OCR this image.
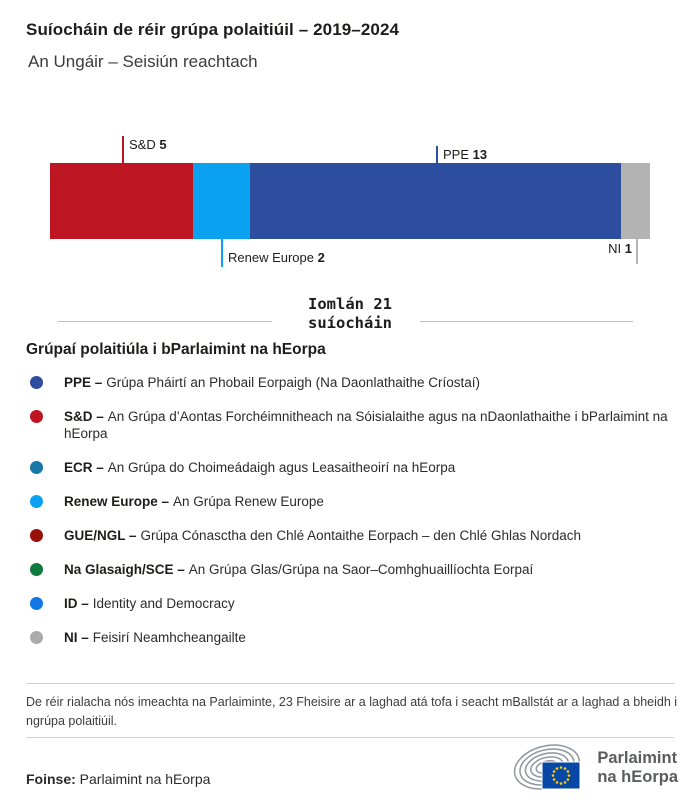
Suíocháin de réir grúpa polaitiúil – 2019–2024
An Ungáir – Seisiún reachtach
S&D 5
PPE 13
Renew Europe 2
NI 1
Iomlán 21
suíocháin
Grúpaí polaitiúla i bParlaimint na hEorpa
PPE – Grúpa Pháirtí an Phobail Eorpaigh (Na Daonlathaithe Críostaí)
S&D – An Grúpa d’Aontas Forchéimnitheach na Sóisialaithe agus na nDaonlathaithe i bParlaimint na hEorpa
ECR – An Grúpa do Choimeádaigh agus Leasaitheoirí na hEorpa
Renew Europe – An Grúpa Renew Europe
GUE/NGL – Grúpa Cónasctha den Chlé Aontaithe Eorpach – den Chlé Ghlas Nordach
Na Glasaigh/SCE – An Grúpa Glas/Grúpa na Saor–Comhghuaillíochta Eorpaí
ID – Identity and Democracy
NI – Feisirí Neamhcheangailte
De réir rialacha nós imeachta na Parlaiminte, 23 Fheisire ar a laghad atá tofa i seacht mBallstát ar a laghad a bheidh i ngrúpa polaitiúil.
Foinse: Parlaimint na hEorpa
Parlaimint
na hEorpa
